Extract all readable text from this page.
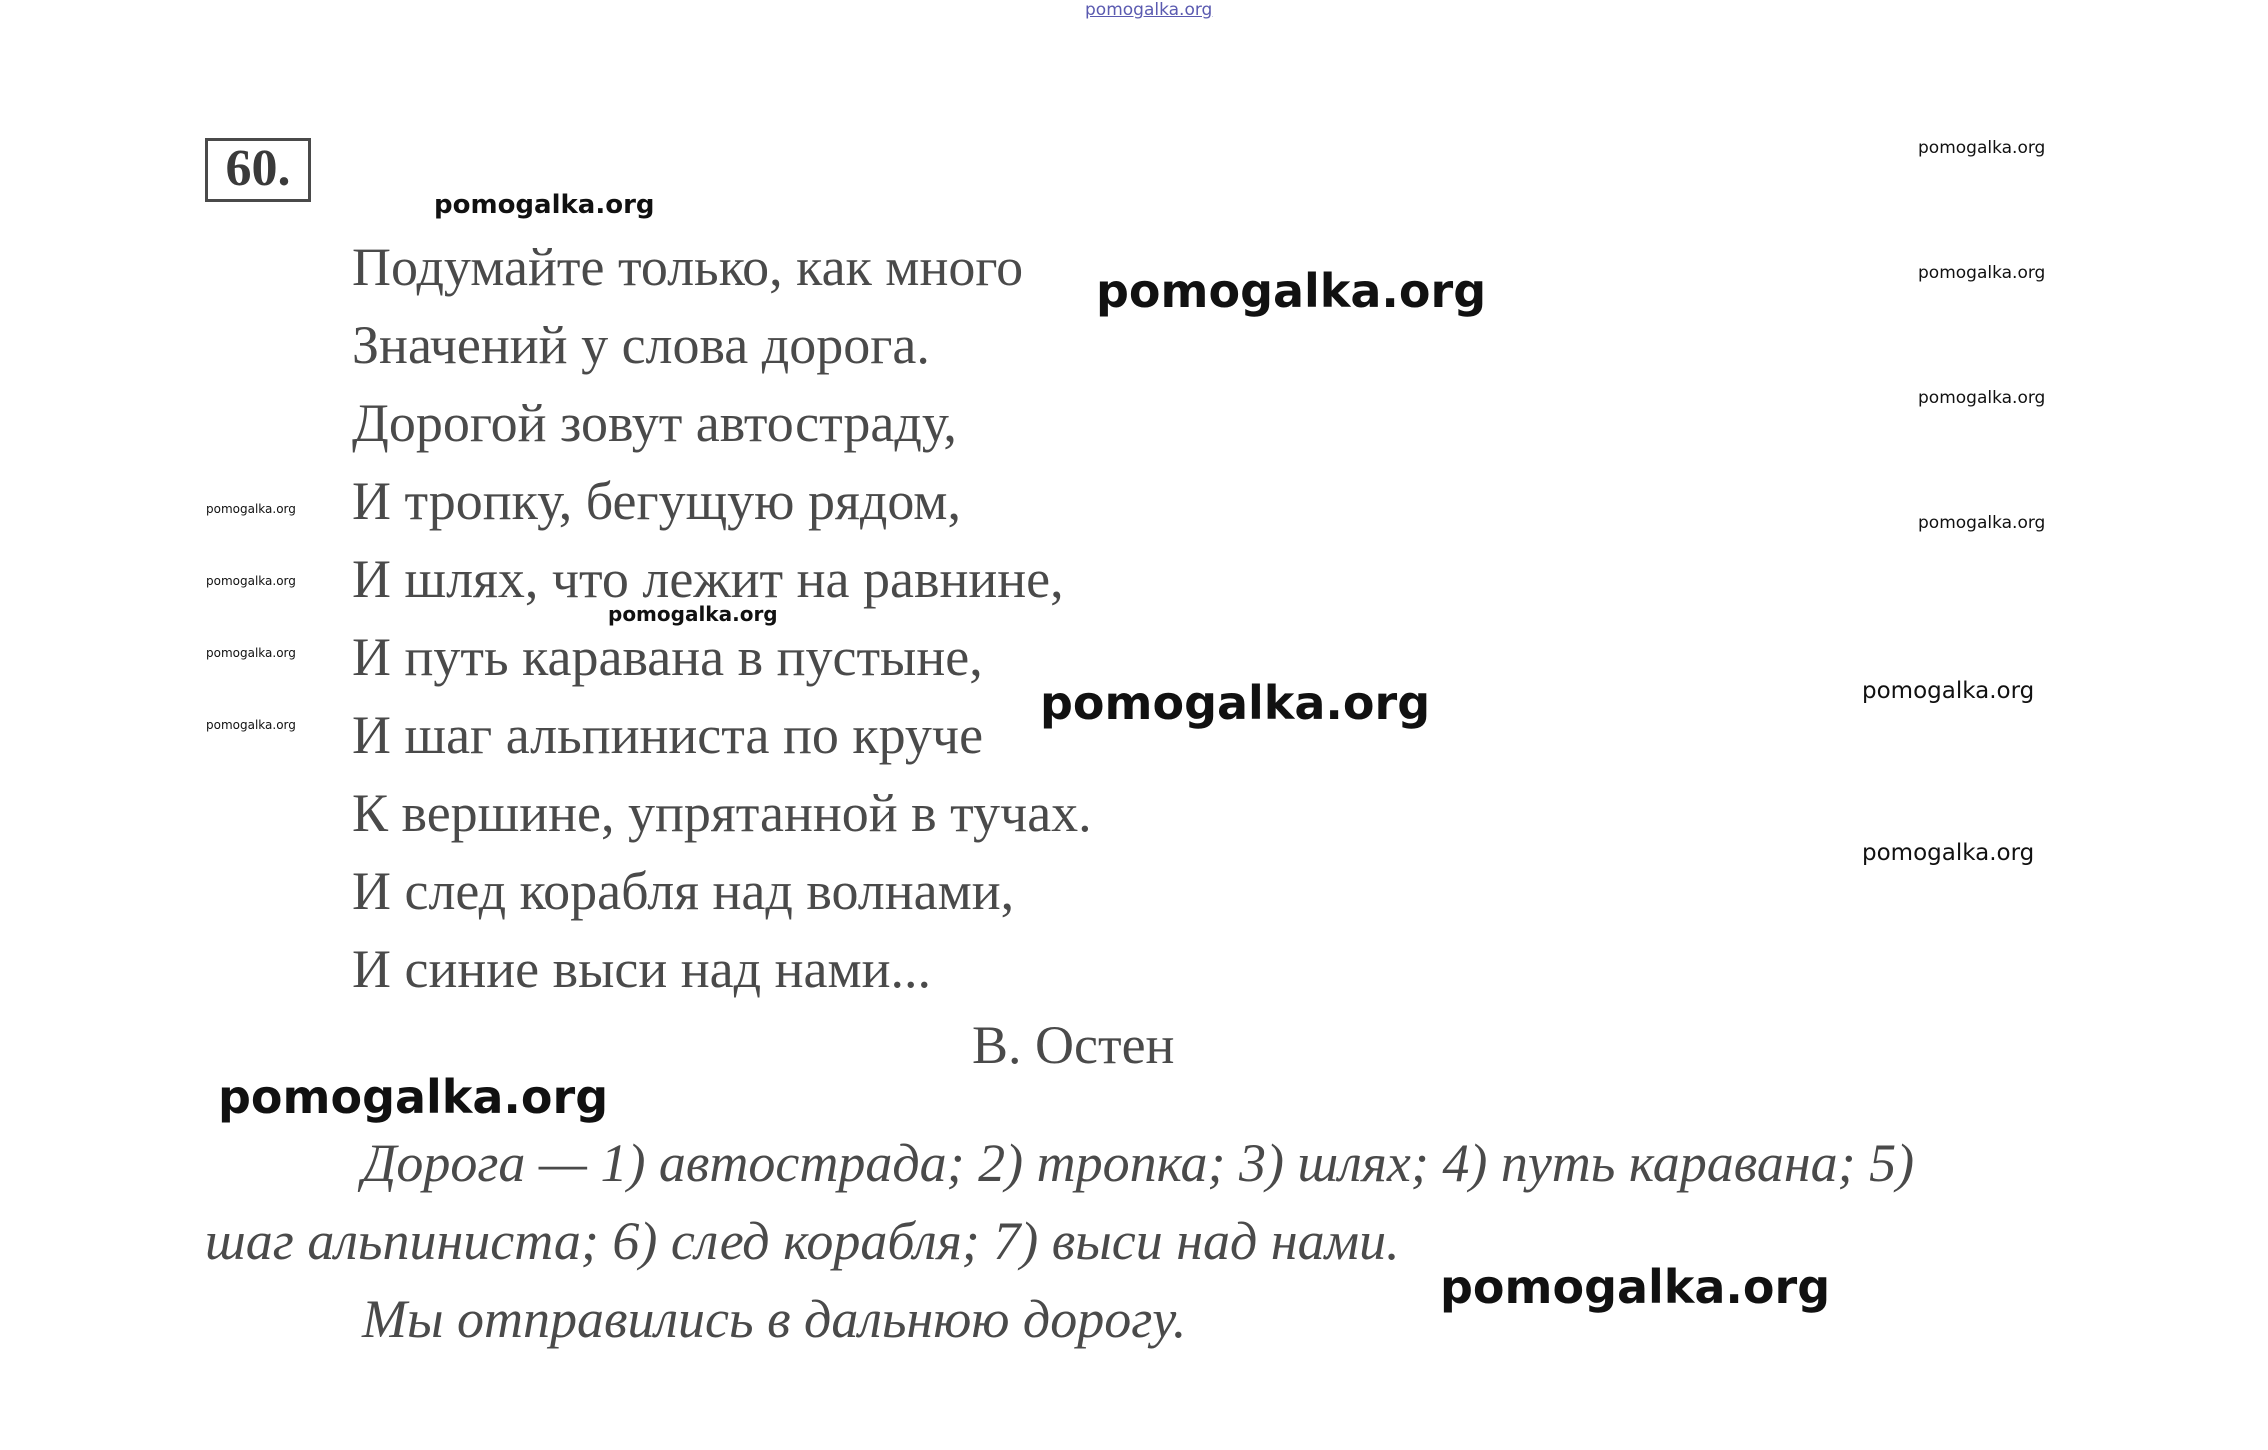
pomogalka.org
60.
Подумайте только, как много
Значений у слова дорога.
Дорогой зовут автостраду,
И тропку, бегущую рядом,
И шлях, что лежит на равнине,
И путь каравана в пустыне,
И шаг альпиниста по круче
К вершине, упрятанной в тучах.
И след корабля над волнами,
И синие выси над нами...
В. Остен
Дорога — 1) автострада; 2) тропка; 3) шлях; 4) путь каравана; 5)
шаг альпиниста; 6) след корабля; 7) выси над нами.
Мы отправились в дальнюю дорогу.
pomogalka.org
pomogalka.org
pomogalka.org
pomogalka.org
pomogalka.org
pomogalka.org
pomogalka.org
pomogalka.org
pomogalka.org
pomogalka.org
pomogalka.org
pomogalka.org
pomogalka.org
pomogalka.org
pomogalka.org
pomogalka.org
